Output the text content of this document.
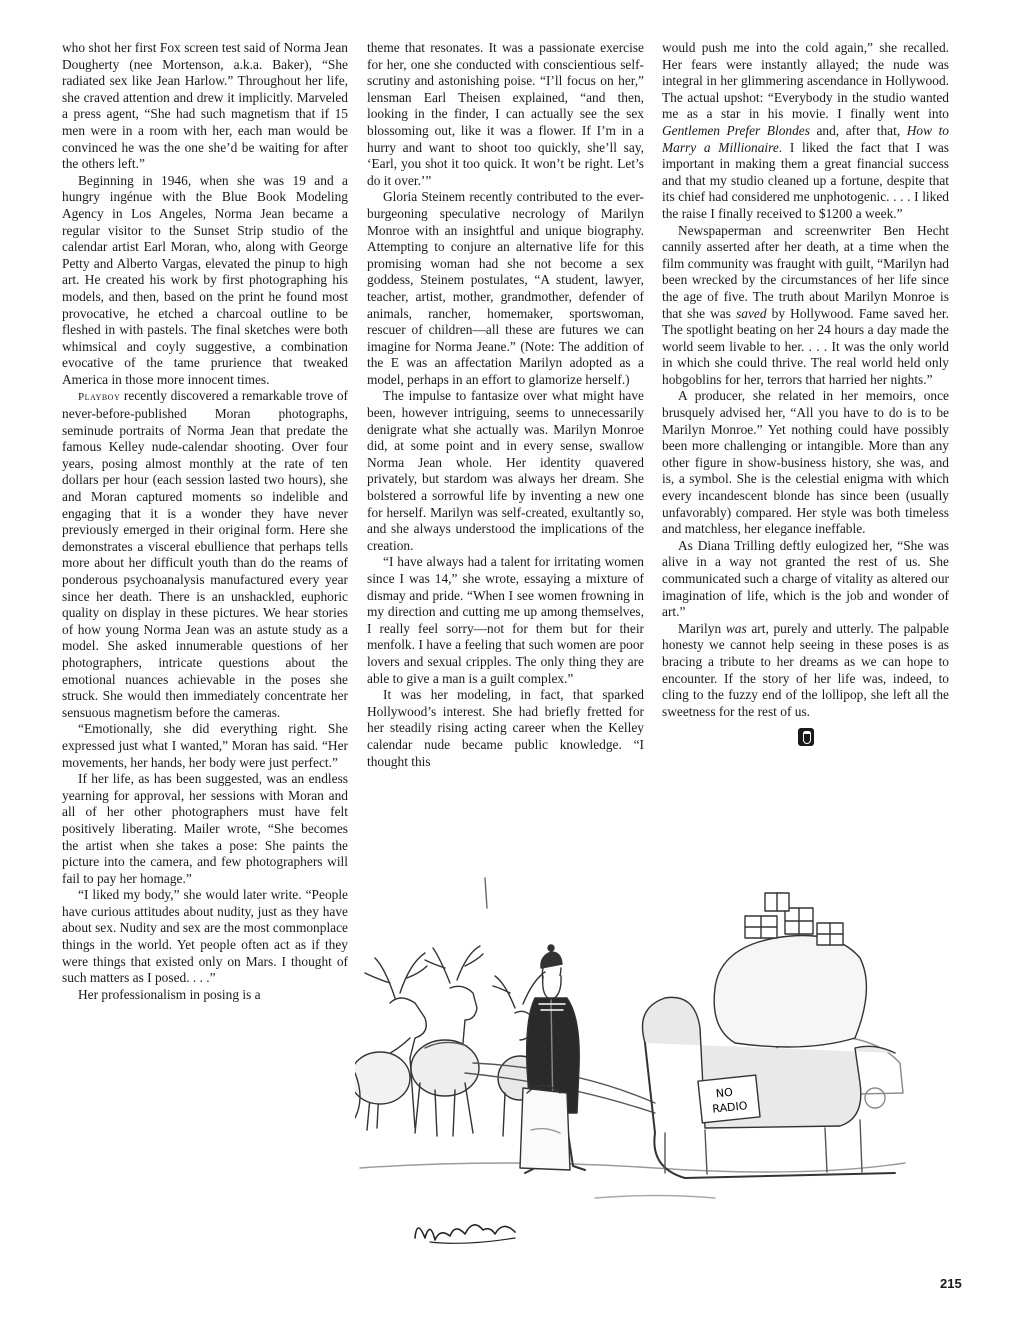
who shot her first Fox screen test said of Norma Jean Dougherty (nee Mortenson, a.k.a. Baker), “She radiated sex like Jean Harlow.” Throughout her life, she craved attention and drew it implicitly. Marveled a press agent, “She had such magnetism that if 15 men were in a room with her, each man would be convinced he was the one she’d be waiting for after the others left.”

Beginning in 1946, when she was 19 and a hungry ingénue with the Blue Book Modeling Agency in Los Angeles, Norma Jean became a regular visitor to the Sunset Strip studio of the calendar artist Earl Moran, who, along with George Petty and Alberto Vargas, elevated the pinup to high art. He created his work by first photographing his models, and then, based on the print he found most provocative, he etched a charcoal outline to be fleshed in with pastels. The final sketches were both whimsical and coyly suggestive, a combination evocative of the tame prurience that tweaked America in those more innocent times.

Playboy recently discovered a remarkable trove of never-before-published Moran photographs, seminude portraits of Norma Jean that predate the famous Kelley nude-calendar shooting. Over four years, posing almost monthly at the rate of ten dollars per hour (each session lasted two hours), she and Moran captured moments so indelible and engaging that it is a wonder they have never previously emerged in their original form. Here she demonstrates a visceral ebullience that perhaps tells more about her difficult youth than do the reams of ponderous psychoanalysis manufactured every year since her death. There is an unshackled, euphoric quality on display in these pictures. We hear stories of how young Norma Jean was an astute study as a model. She asked innumerable questions of her photographers, intricate questions about the emotional nuances achievable in the poses she struck. She would then immediately concentrate her sensuous magnetism before the cameras.

“Emotionally, she did everything right. She expressed just what I wanted,” Moran has said. “Her movements, her hands, her body were just perfect.”

If her life, as has been suggested, was an endless yearning for approval, her sessions with Moran and all of her other photographers must have felt positively liberating. Mailer wrote, “She becomes the artist when she takes a pose: She paints the picture into the camera, and few photographers will fail to pay her homage.”

“I liked my body,” she would later write. “People have curious attitudes about nudity, just as they have about sex. Nudity and sex are the most commonplace things in the world. Yet people often act as if they were things that existed only on Mars. I thought of such matters as I posed. . . .”

Her professionalism in posing is a

theme that resonates. It was a passionate exercise for her, one she conducted with conscientious self-scrutiny and astonishing poise. “I’ll focus on her,” lensman Earl Theisen explained, “and then, looking in the finder, I can actually see the sex blossoming out, like it was a flower. If I’m in a hurry and want to shoot too quickly, she’ll say, ‘Earl, you shot it too quick. It won’t be right. Let’s do it over.’”

Gloria Steinem recently contributed to the ever-burgeoning speculative necrology of Marilyn Monroe with an insightful and unique biography. Attempting to conjure an alternative life for this promising woman had she not become a sex goddess, Steinem postulates, “A student, lawyer, teacher, artist, mother, grandmother, defender of animals, rancher, homemaker, sportswoman, rescuer of children—all these are futures we can imagine for Norma Jeane.” (Note: The addition of the E was an affectation Marilyn adopted as a model, perhaps in an effort to glamorize herself.)

The impulse to fantasize over what might have been, however intriguing, seems to unnecessarily denigrate what she actually was. Marilyn Monroe did, at some point and in every sense, swallow Norma Jean whole. Her identity quavered privately, but stardom was always her dream. She bolstered a sorrowful life by inventing a new one for herself. Marilyn was self-created, exultantly so, and she always understood the implications of the creation.

“I have always had a talent for irritating women since I was 14,” she wrote, essaying a mixture of dismay and pride. “When I see women frowning in my direction and cutting me up among themselves, I really feel sorry—not for them but for their menfolk. I have a feeling that such women are poor lovers and sexual cripples. The only thing they are able to give a man is a guilt complex.”

It was her modeling, in fact, that sparked Hollywood’s interest. She had briefly fretted for her steadily rising acting career when the Kelley calendar nude became public knowledge. “I thought this

would push me into the cold again,” she recalled. Her fears were instantly allayed; the nude was integral in her glimmering ascendance in Hollywood. The actual upshot: “Everybody in the studio wanted me as a star in his movie. I finally went into Gentlemen Prefer Blondes and, after that, How to Marry a Millionaire. I liked the fact that I was important in making them a great financial success and that my studio cleaned up a fortune, despite that its chief had considered me unphotogenic. . . . I liked the raise I finally received to $1200 a week.”

Newspaperman and screenwriter Ben Hecht cannily asserted after her death, at a time when the film community was fraught with guilt, “Marilyn had been wrecked by the circumstances of her life since the age of five. The truth about Marilyn Monroe is that she was saved by Hollywood. Fame saved her. The spotlight beating on her 24 hours a day made the world seem livable to her. . . . It was the only world in which she could thrive. The real world held only hobgoblins for her, terrors that harried her nights.”

A producer, she related in her memoirs, once brusquely advised her, “All you have to do is to be Marilyn Monroe.” Yet nothing could have possibly been more challenging or intangible. More than any other figure in show-business history, she was, and is, a symbol. She is the celestial enigma with which every incandescent blonde has since been (usually unfavorably) compared. Her style was both timeless and matchless, her elegance ineffable.

As Diana Trilling deftly eulogized her, “She was alive in a way not granted the rest of us. She communicated such a charge of vitality as altered our imagination of life, which is the job and wonder of art.”

Marilyn was art, purely and utterly. The palpable honesty we cannot help seeing in these poses is as bracing a tribute to her dreams as we can hope to encounter. If the story of her life was, indeed, to cling to the fuzzy end of the lollipop, she left all the sweetness for the rest of us.

NO
RADIO
215
